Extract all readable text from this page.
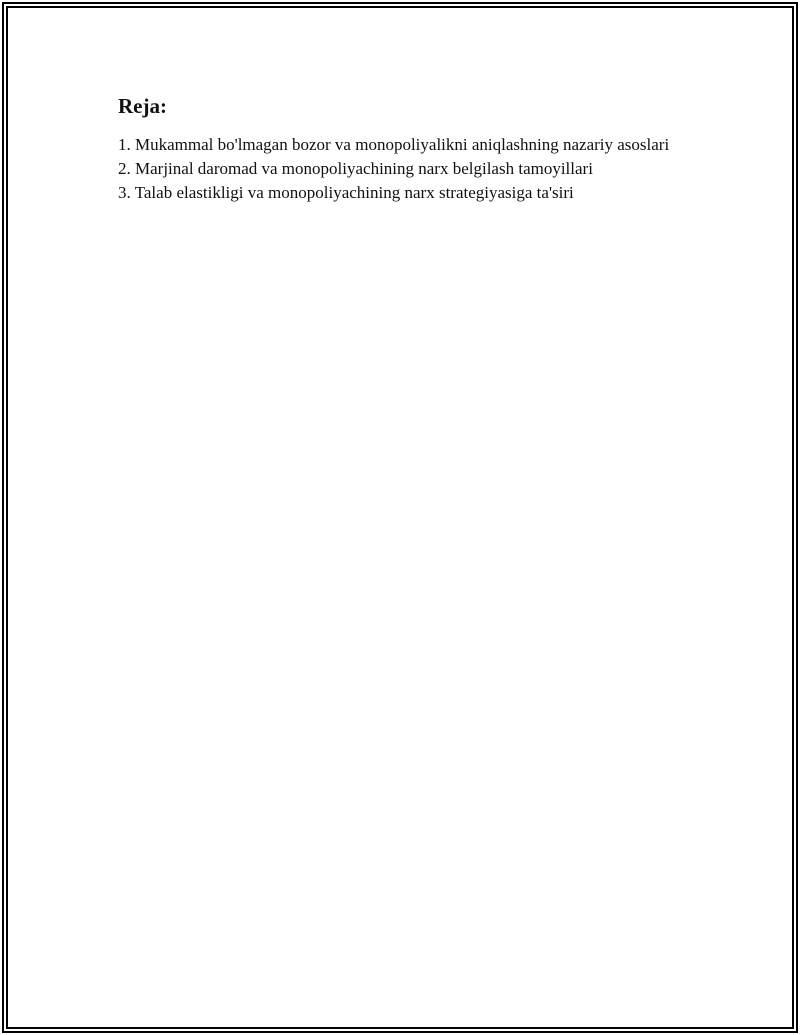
Reja:
1. Mukammal bo'lmagan bozor va monopoliyalikni aniqlashning nazariy asoslari
2. Marjinal daromad va monopoliyachining narx belgilash tamoyillari
3. Talab elastikligi va monopoliyachining narx strategiyasiga ta'siri
